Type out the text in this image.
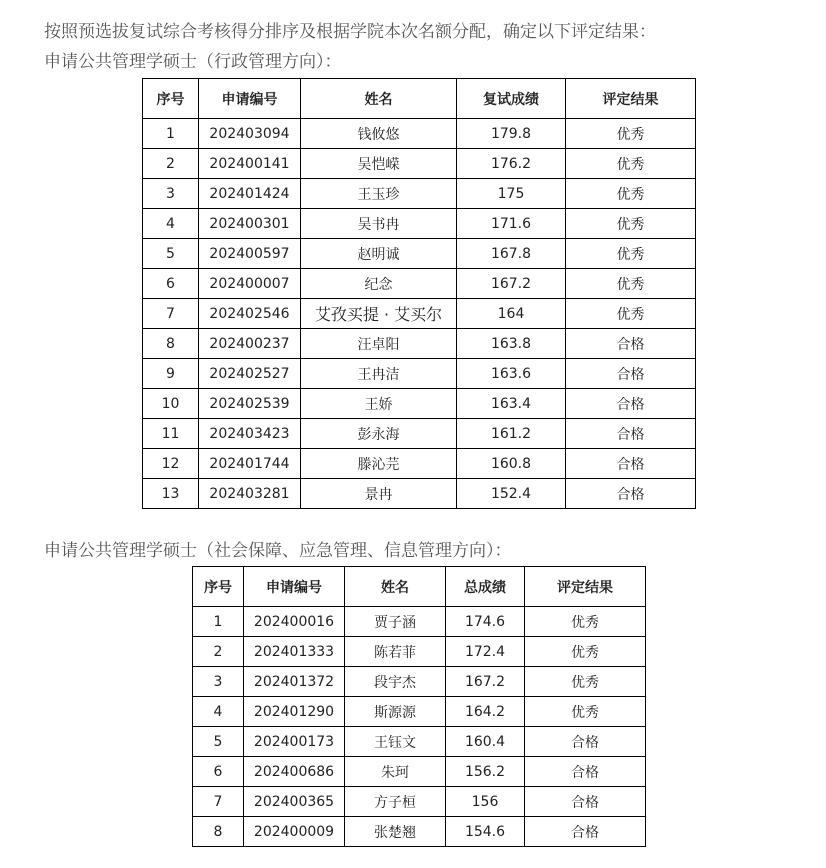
按照预选拔复试综合考核得分排序及根据学院本次名额分配，确定以下评定结果：
申请公共管理学硕士（行政管理方向）：
序号	申请编号	姓名	复试成绩	评定结果
1	202403094	钱攸悠	179.8	优秀
2	202400141	吴恺嵘	176.2	优秀
3	202401424	王玉珍	175	优秀
4	202400301	吴书冉	171.6	优秀
5	202400597	赵明诚	167.8	优秀
6	202400007	纪念	167.2	优秀
7	202402546	艾孜买提 · 艾买尔	164	优秀
8	202400237	汪卓阳	163.8	合格
9	202402527	王冉洁	163.6	合格
10	202402539	王娇	163.4	合格
11	202403423	彭永海	161.2	合格
12	202401744	滕沁芫	160.8	合格
13	202403281	景冉	152.4	合格
申请公共管理学硕士（社会保障、应急管理、信息管理方向）：
序号	申请编号	姓名	总成绩	评定结果
1	202400016	贾子涵	174.6	优秀
2	202401333	陈若菲	172.4	优秀
3	202401372	段宇杰	167.2	优秀
4	202401290	斯源源	164.2	优秀
5	202400173	王钰文	160.4	合格
6	202400686	朱珂	156.2	合格
7	202400365	方子桓	156	合格
8	202400009	张楚翘	154.6	合格
